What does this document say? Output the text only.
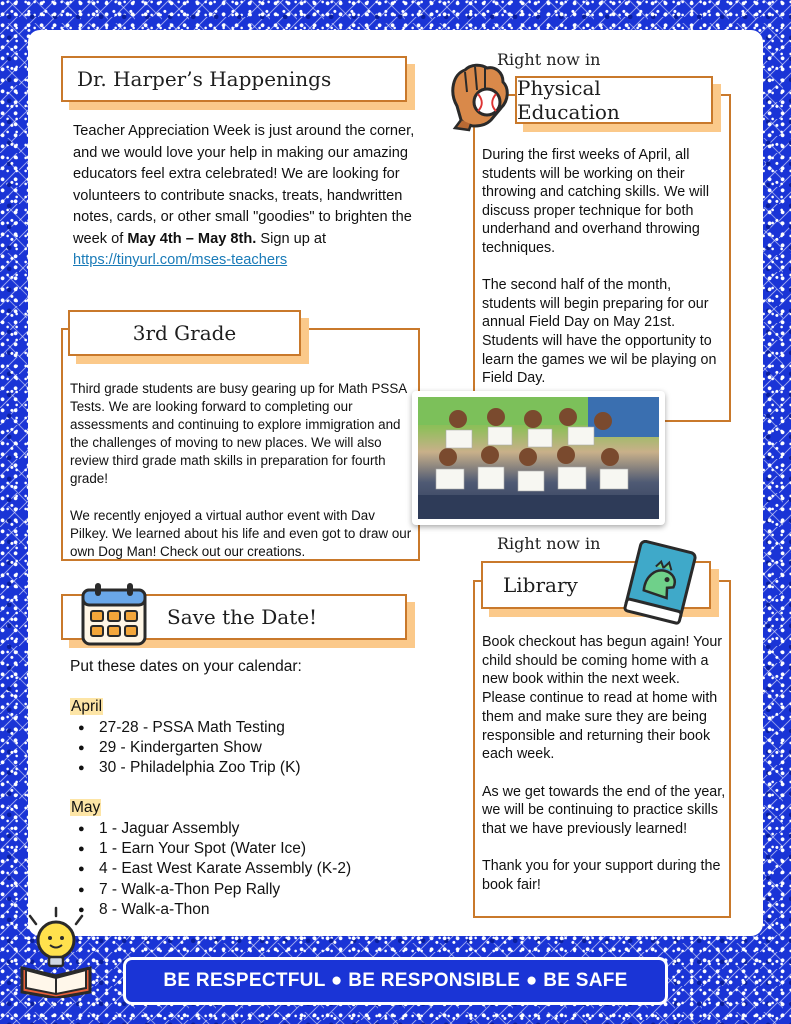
Dr. Harper’s Happenings
Teacher Appreciation Week is just around the corner, and we would love your help in making our amazing educators feel extra celebrated! We are looking for volunteers to contribute snacks, treats, handwritten notes, cards, or other small "goodies" to brighten the week of May 4th – May 8th. Sign up at https://tinyurl.com/mses-teachers
3rd Grade

Third grade students are busy gearing up for Math PSSA Tests. We are looking forward to completing our assessments and continuing to explore immigration and the challenges of moving to new places. We will also review third grade math skills in preparation for fourth grade!

We recently enjoyed a virtual author event with Dav Pilkey. We learned about his life and even got to draw our own Dog Man! Check out our creations.

Save the Date!

Put these dates on your calendar:

April

● 27-28 - PSSA Math Testing
● 29 - Kindergarten Show
● 30 - Philadelphia Zoo Trip (K)

May

● 1 - Jaguar Assembly
● 1 - Earn Your Spot (Water Ice)
● 4 - East West Karate Assembly (K-2)
● 7 - Walk-a-Thon Pep Rally
● 8 - Walk-a-Thon
Right now in
Physical Education

During the first weeks of April, all students will be working on their throwing and catching skills. We will discuss proper technique for both underhand and overhand throwing techniques.

The second half of the month, students will begin preparing for our annual Field Day on May 21st. Students will have the opportunity to learn the games we wil be playing on Field Day.

Right now in
Library

Book checkout has begun again! Your child should be coming home with a new book within the next week. Please continue to read at home with them and make sure they are being responsible and returning their book each week.

As we get towards the end of the year, we will be continuing to practice skills that we have previously learned!

Thank you for your support during the book fair!

BE RESPECTFUL ● BE RESPONSIBLE ● BE SAFE
